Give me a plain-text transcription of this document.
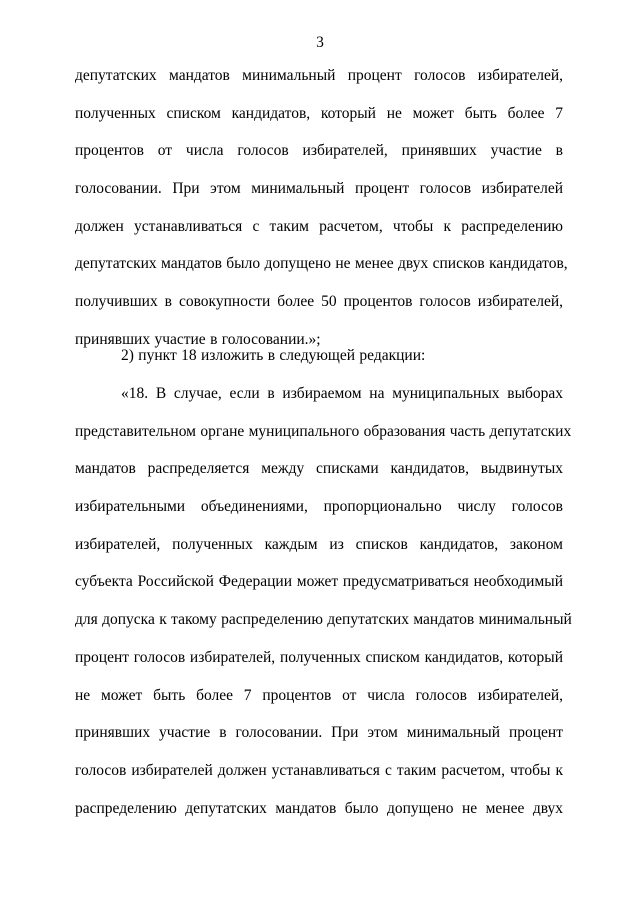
3
депутатских мандатов минимальный процент голосов избирателей,
полученных списком кандидатов, который не может быть более 7
процентов от числа голосов избирателей, принявших участие в
голосовании. При этом минимальный процент голосов избирателей
должен устанавливаться с таким расчетом, чтобы к распределению
депутатских мандатов было допущено не менее двух списков кандидатов,
получивших в совокупности более 50 процентов голосов избирателей,
принявших участие в голосовании.»;
2) пункт 18 изложить в следующей редакции:
«18. В случае, если в избираемом на муниципальных выборах
представительном органе муниципального образования часть депутатских
мандатов распределяется между списками кандидатов, выдвинутых
избирательными объединениями, пропорционально числу голосов
избирателей, полученных каждым из списков кандидатов, законом
субъекта Российской Федерации может предусматриваться необходимый
для допуска к такому распределению депутатских мандатов минимальный
процент голосов избирателей, полученных списком кандидатов, который
не может быть более 7 процентов от числа голосов избирателей,
принявших участие в голосовании. При этом минимальный процент
голосов избирателей должен устанавливаться с таким расчетом, чтобы к
распределению депутатских мандатов было допущено не менее двух
